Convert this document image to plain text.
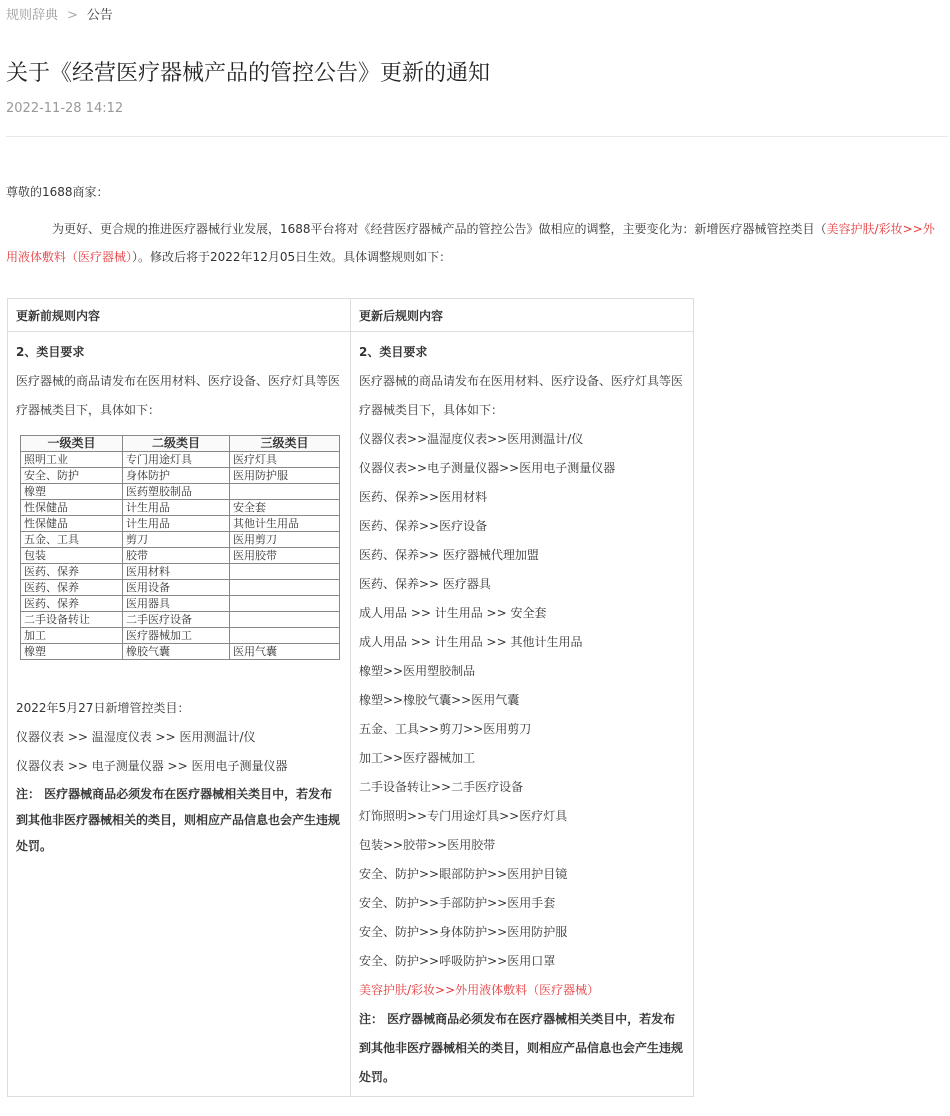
规则辞典 > 公告
关于《经营医疗器械产品的管控公告》更新的通知
2022-11-28 14:12
尊敬的1688商家：
为更好、更合规的推进医疗器械行业发展，1688平台将对《经营医疗器械产品的管控公告》做相应的调整，主要变化为：新增医疗器械管控类目（美容护肤/彩妆>>外用液体敷料（医疗器械））。修改后将于2022年12月05日生效。具体调整规则如下：
更新前规则内容	更新后规则内容

2、类目要求
医疗器械的商品请发布在医用材料、医疗设备、医疗灯具等医疗器械类目下，具体如下：
一级类目	二级类目	三级类目
照明工业	专门用途灯具	医疗灯具
安全、防护	身体防护	医用防护服
橡塑	医药塑胶制品	
性保健品	计生用品	安全套
性保健品	计生用品	其他计生用品
五金、工具	剪刀	医用剪刀
包装	胶带	医用胶带
医药、保养	医用材料	
医药、保养	医用设备	
医药、保养	医用器具	
二手设备转让	二手医疗设备	
加工	医疗器械加工	
橡塑	橡胶气囊	医用气囊
2022年5月27日新增管控类目：
仪器仪表 >> 温湿度仪表 >> 医用测温计/仪
仪器仪表 >> 电子测量仪器 >> 医用电子测量仪器
注： 医疗器械商品必须发布在医疗器械相关类目中，若发布到其他非医疗器械相关的类目，则相应产品信息也会产生违规处罚。

2、类目要求
医疗器械的商品请发布在医用材料、医疗设备、医疗灯具等医疗器械类目下，具体如下：
仪器仪表>>温湿度仪表>>医用测温计/仪
仪器仪表>>电子测量仪器>>医用电子测量仪器
医药、保养>>医用材料
医药、保养>>医疗设备
医药、保养>> 医疗器械代理加盟
医药、保养>> 医疗器具
成人用品 >> 计生用品 >> 安全套
成人用品 >> 计生用品 >> 其他计生用品
橡塑>>医用塑胶制品
橡塑>>橡胶气囊>>医用气囊
五金、工具>>剪刀>>医用剪刀
加工>>医疗器械加工
二手设备转让>>二手医疗设备
灯饰照明>>专门用途灯具>>医疗灯具
包装>>胶带>>医用胶带
安全、防护>>眼部防护>>医用护目镜
安全、防护>>手部防护>>医用手套
安全、防护>>身体防护>>医用防护服
安全、防护>>呼吸防护>>医用口罩
美容护肤/彩妆>>外用液体敷料（医疗器械）
注： 医疗器械商品必须发布在医疗器械相关类目中，若发布到其他非医疗器械相关的类目，则相应产品信息也会产生违规处罚。
